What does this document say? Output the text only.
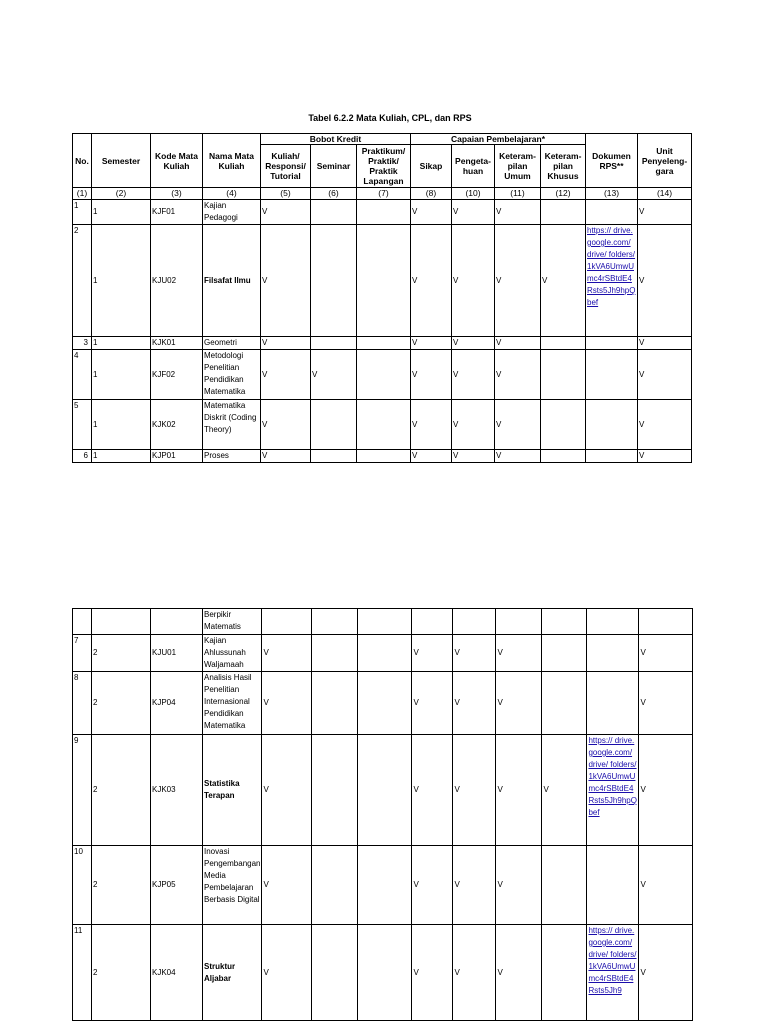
Tabel 6.2.2 Mata Kuliah, CPL, dan RPS
No.	Semester	Kode Mata Kuliah	Nama Mata Kuliah	Bobot Kredit			Capaian Pembelajaran*				Dokumen RPS**	Unit Penyeleng-gara
				Kuliah/ Responsi/ Tutorial	Seminar	Praktikum/ Praktik/ Praktik Lapangan	Sikap	Pengeta-huan	Keteram-pilan Umum	Keteram-pilan Khusus		
(1)	(2)	(3)	(4)	(5)	(6)	(7)	(8)	(10)	(11)	(12)	(13)	(14)
1	1	KJF01	Kajian Pedagogi	V			V	V	V			V
2	1	KJU02	Filsafat Ilmu	V			V	V	V	V	https:// drive.google.com/ drive/ folders/ 1kVA6UmwUmc4rSBtdE4Rsts5Jh9hpQbef	V
3	1	KJK01	Geometri	V			V	V	V			V
4	1	KJF02	Metodologi Penelitian Pendidikan Matematika	V	V		V	V	V			V
5	1	KJK02	Matematika Diskrit (Coding Theory)	V			V	V	V			V
6	1	KJP01	Proses	V			V	V	V			V
			Berpikir Matematis									
7	2	KJU01	Kajian Ahlussunah Waljamaah	V			V	V	V			V
8	2	KJP04	Analisis Hasil Penelitian Internasional Pendidikan Matematika	V			V	V	V			V
9	2	KJK03	Statistika Terapan	V			V	V	V	V	https:// drive.google.com/ drive/ folders/ 1kVA6UmwUmc4rSBtdE4Rsts5Jh9hpQbef	V
10	2	KJP05	Inovasi Pengembangan Media Pembelajaran Berbasis Digital	V			V	V	V			V
11	2	KJK04	Struktur Aljabar	V			V	V	V		https:// drive.google.com/ drive/ folders/ 1kVA6UmwUmc4rSBtdE4Rsts5Jh9	V
